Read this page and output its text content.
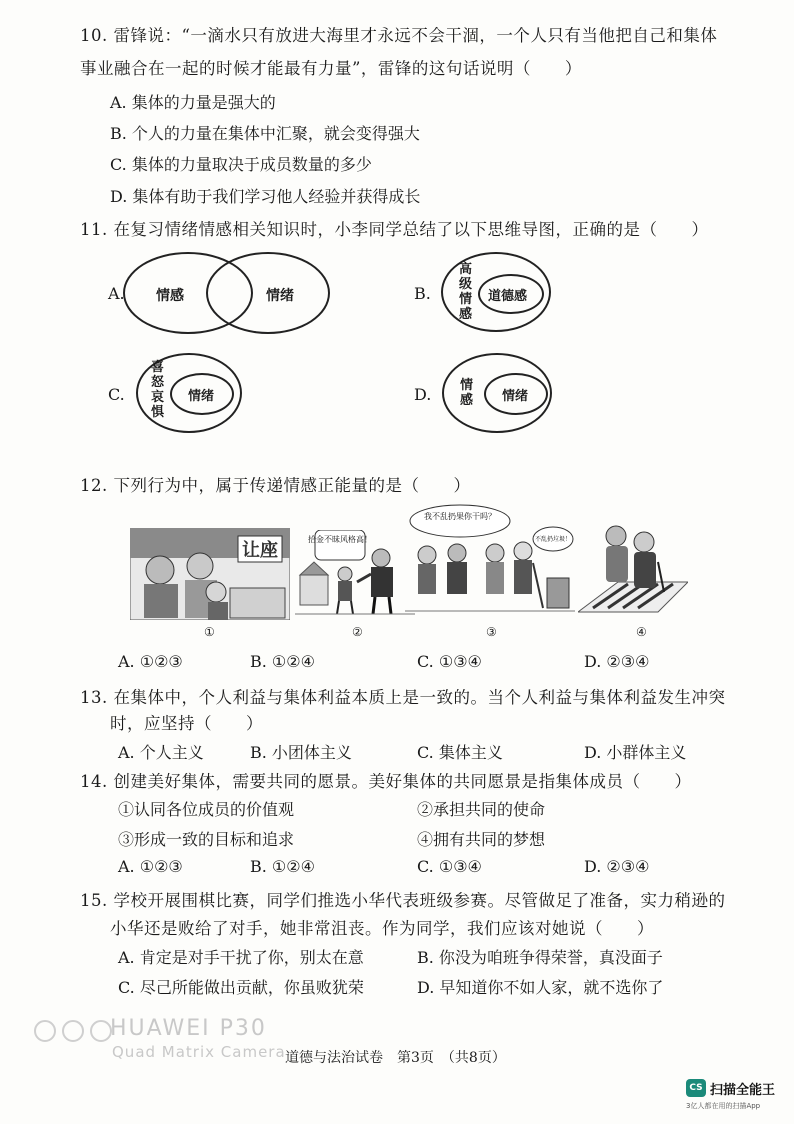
10. 雷锋说：“一滴水只有放进大海里才永远不会干涸，一个人只有当他把自己和集体
事业融合在一起的时候才能最有力量”，雷锋的这句话说明（　　）
A. 集体的力量是强大的
B. 个人的力量在集体中汇聚，就会变得强大
C. 集体的力量取决于成员数量的多少
D. 集体有助于我们学习他人经验并获得成长
11. 在复习情绪情感相关知识时，小李同学总结了以下思维导图，正确的是（　　）
A. 情感	情绪	B.
高级情感
道德感
C.
喜怒哀惧
情绪	D. 情感 情绪
12. 下列行为中，属于传递情感正能量的是（　　）
让座
①
拾金不昧风格高！
②
我不乱扔果你干吗？
不乱扔垃圾！
③	④
A. ①②③	B. ①②④	C. ①③④	D. ②③④
13. 在集体中，个人利益与集体利益本质上是一致的。当个人利益与集体利益发生冲突
时，应坚持（　　）
A. 个人主义	B. 小团体主义	C. 集体主义	D. 小群体主义
14. 创建美好集体，需要共同的愿景。美好集体的共同愿景是指集体成员（　　）
①认同各位成员的价值观	②承担共同的使命
③形成一致的目标和追求	④拥有共同的梦想
A. ①②③	B. ①②④	C. ①③④	D. ②③④
15. 学校开展围棋比赛，同学们推选小华代表班级参赛。尽管做足了准备，实力稍逊的
小华还是败给了对手，她非常沮丧。作为同学，我们应该对她说（　　）
A. 肯定是对手干扰了你，别太在意	B. 你没为咱班争得荣誉，真没面子
C. 尽己所能做出贡献，你虽败犹荣	D. 早知道你不如人家，就不选你了
HUAWEI P30
Quad Matrix Camera 道德与法治试卷　第3页　（共8页）
CS 扫描全能王
3亿人都在用的扫描App
